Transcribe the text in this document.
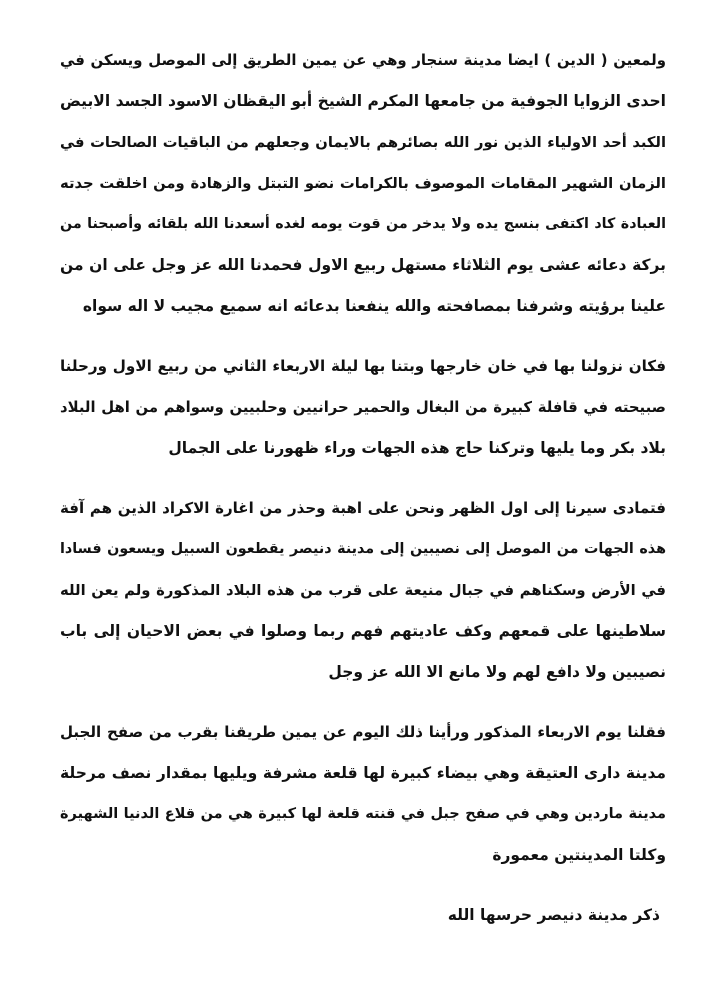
ولمعين ( الدين ) ايضا مدينة سنجار وهي عن يمين الطريق إلى الموصل ويسكن في
احدى الزوايا الجوفية من جامعها المكرم الشيخ أبو اليقظان الاسود الجسد الابيض
الكبد أحد الاولياء الذين نور الله بصائرهم بالايمان وجعلهم من الباقيات الصالحات في
الزمان الشهير المقامات الموصوف بالكرامات نضو التبتل والزهادة ومن اخلقت جدته
العبادة كاد اكتفى بنسج يده ولا يدخر من قوت يومه لغده أسعدنا الله بلقائه وأصبحنا من
بركة دعائه عشى يوم الثلاثاء مستهل ربيع الاول فحمدنا الله عز وجل على ان من
علينا برؤيته وشرفنا بمصافحته والله ينفعنا بدعائه انه سميع مجيب لا اله سواه

فكان نزولنا بها في خان خارجها وبتنا بها ليلة الاربعاء الثاني من ربيع الاول ورحلنا
صبيحته في قافلة كبيرة من البغال والحمير حرانيين وحلبيين وسواهم من اهل البلاد
بلاد بكر وما يليها وتركنا حاج هذه الجهات وراء ظهورنا على الجمال

فتمادى سيرنا إلى اول الظهر ونحن على اهبة وحذر من اغارة الاكراد الذين هم آفة
هذه الجهات من الموصل إلى نصيبين إلى مدينة دنيصر يقطعون السبيل ويسعون فسادا
في الأرض وسكناهم في جبال منيعة على قرب من هذه البلاد المذكورة ولم يعن الله
سلاطينها على قمعهم وكف عاديتهم فهم ربما وصلوا في بعض الاحيان إلى باب
نصيبين ولا دافع لهم ولا مانع الا الله عز وجل

فقلنا يوم الاربعاء المذكور ورأينا ذلك اليوم عن يمين طريقنا بقرب من صفح الجبل
مدينة دارى العتيقة وهي بيضاء كبيرة لها قلعة مشرفة ويليها بمقدار نصف مرحلة
مدينة ماردين وهي في صفح جبل في قنته قلعة لها كبيرة هي من قلاع الدنيا الشهيرة
وكلتا المدينتين معمورة

ذكر مدينة دنيصر حرسها الله
